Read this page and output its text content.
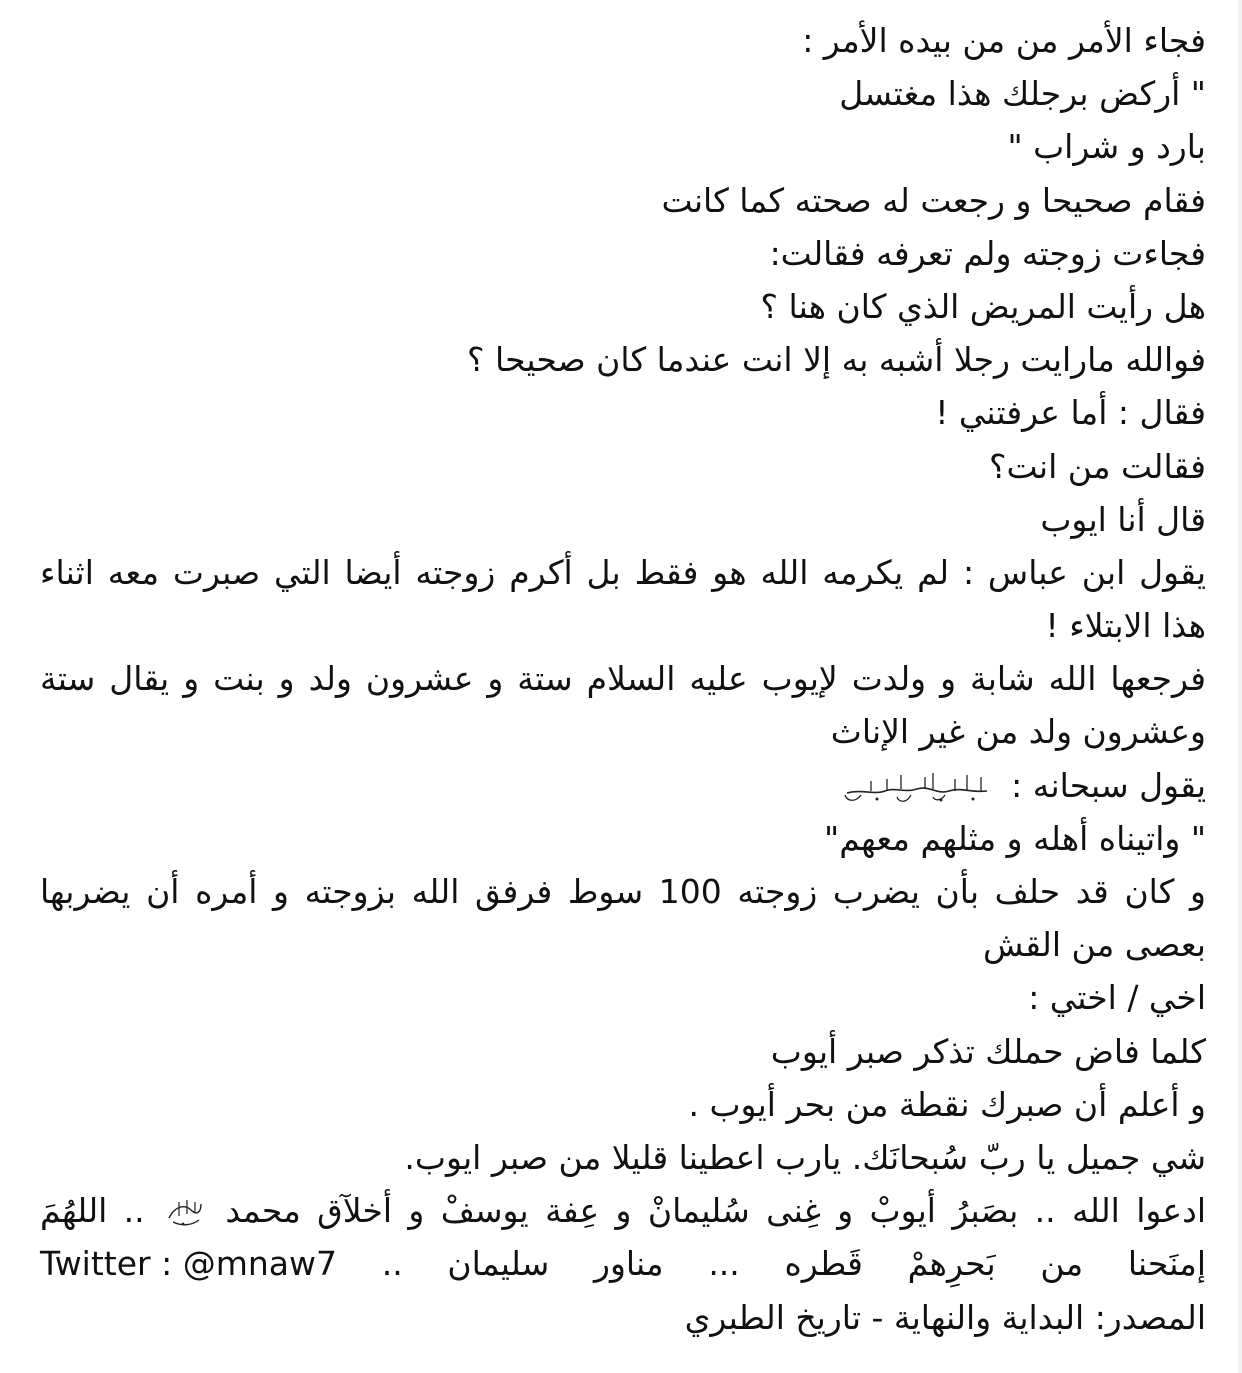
فجاء الأمر من من بيده الأمر :
" أركض برجلك هذا مغتسل
بارد و شراب "
فقام صحيحا و رجعت له صحته كما كانت
فجاءت زوجته ولم تعرفه فقالت:
هل رأيت المريض الذي كان هنا ؟
فوالله مارايت رجلا أشبه به إلا انت عندما كان صحيحا ؟
فقال : أما عرفتني !
فقالت من انت؟
قال أنا ايوب
يقول ابن عباس : لم يكرمه الله هو فقط بل أكرم زوجته أيضا التي صبرت معه اثناء
هذا الابتلاء !
فرجعها الله شابة و ولدت لإيوب عليه السلام ستة و عشرون ولد و بنت و يقال ستة
وعشرون ولد من غير الإناث
يقول سبحانه :
" واتيناه أهله و مثلهم معهم"
و كان قد حلف بأن يضرب زوجته 100 سوط فرفق الله بزوجته و أمره أن يضربها
بعصى من القش
اخي / اختي :
كلما فاض حملك تذكر صبر أيوب
و أعلم أن صبرك نقطة من بحر أيوب .
شي جميل يا ربّ سُبحانَك. يارب اعطينا قليلا من صبر ايوب.
ادعوا الله .. بصَبرُ أيوبْ و غِنى سُليمانْ و عِفة يوسفْ و أخلآق محمد  .. اللهُمَ
إمنَحنا من بَحرِهمْ قَطره ... مناور سليمان .. Twitter : @mnaw7
المصدر: البداية والنهاية - تاريخ الطبري
